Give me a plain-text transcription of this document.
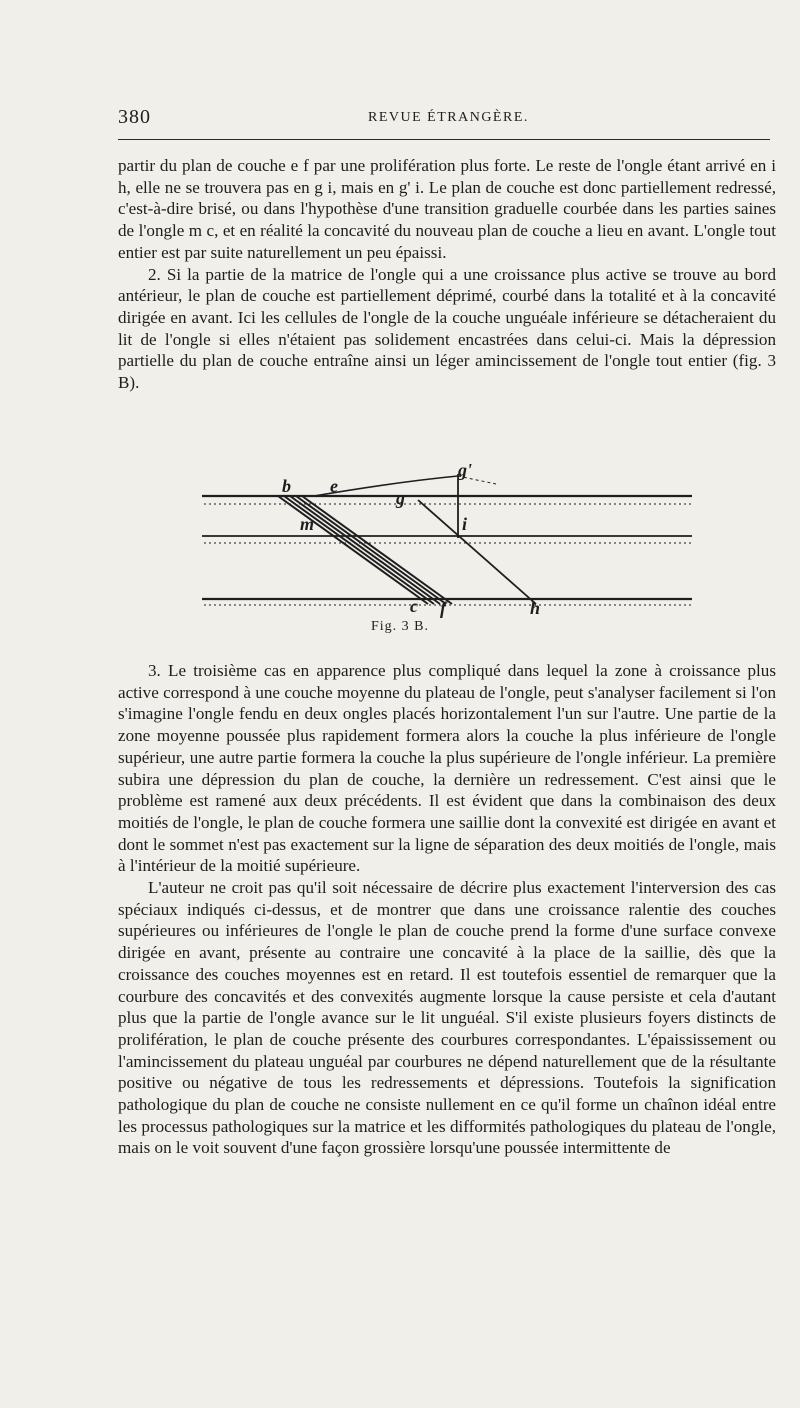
380	REVUE ÉTRANGÈRE.

partir du plan de couche e f par une prolifération plus forte. Le reste de l'ongle étant arrivé en i h, elle ne se trouvera pas en g i, mais en g' i. Le plan de couche est donc partiellement redressé, c'est-à-dire brisé, ou dans l'hypothèse d'une transition graduelle courbée dans les parties saines de l'ongle m c, et en réalité la concavité du nouveau plan de couche a lieu en avant. L'ongle tout entier est par suite naturellement un peu épaissi.

2. Si la partie de la matrice de l'ongle qui a une croissance plus active se trouve au bord antérieur, le plan de couche est partiellement déprimé, courbé dans la totalité et à la concavité dirigée en avant. Ici les cellules de l'ongle de la couche unguéale inférieure se détacheraient du lit de l'ongle si elles n'étaient pas solidement encastrées dans celui-ci. Mais la dépression partielle du plan de couche entraîne ainsi un léger amincissement de l'ongle tout entier (fig. 3 B).

b e
g
g'
i
m
c f	h
Fig. 3 B.

3. Le troisième cas en apparence plus compliqué dans lequel la zone à croissance plus active correspond à une couche moyenne du plateau de l'ongle, peut s'analyser facilement si l'on s'imagine l'ongle fendu en deux ongles placés horizontalement l'un sur l'autre. Une partie de la zone moyenne poussée plus rapidement formera alors la couche la plus inférieure de l'ongle supérieur, une autre partie formera la couche la plus supérieure de l'ongle inférieur. La première subira une dépression du plan de couche, la dernière un redressement. C'est ainsi que le problème est ramené aux deux précédents. Il est évident que dans la combinaison des deux moitiés de l'ongle, le plan de couche formera une saillie dont la convexité est dirigée en avant et dont le sommet n'est pas exactement sur la ligne de séparation des deux moitiés de l'ongle, mais à l'intérieur de la moitié supérieure.

L'auteur ne croit pas qu'il soit nécessaire de décrire plus exactement l'interversion des cas spéciaux indiqués ci-dessus, et de montrer que dans une croissance ralentie des couches supérieures ou inférieures de l'ongle le plan de couche prend la forme d'une surface convexe dirigée en avant, présente au contraire une concavité à la place de la saillie, dès que la croissance des couches moyennes est en retard. Il est toutefois essentiel de remarquer que la courbure des concavités et des convexités augmente lorsque la cause persiste et cela d'autant plus que la partie de l'ongle avance sur le lit unguéal. S'il existe plusieurs foyers distincts de prolifération, le plan de couche présente des courbures correspondantes. L'épaississement ou l'amincissement du plateau unguéal par courbures ne dépend naturellement que de la résultante positive ou négative de tous les redressements et dépressions. Toutefois la signification pathologique du plan de couche ne consiste nullement en ce qu'il forme un chaînon idéal entre les processus pathologiques sur la matrice et les difformités pathologiques du plateau de l'ongle, mais on le voit souvent d'une façon grossière lorsqu'une poussée intermittente de
